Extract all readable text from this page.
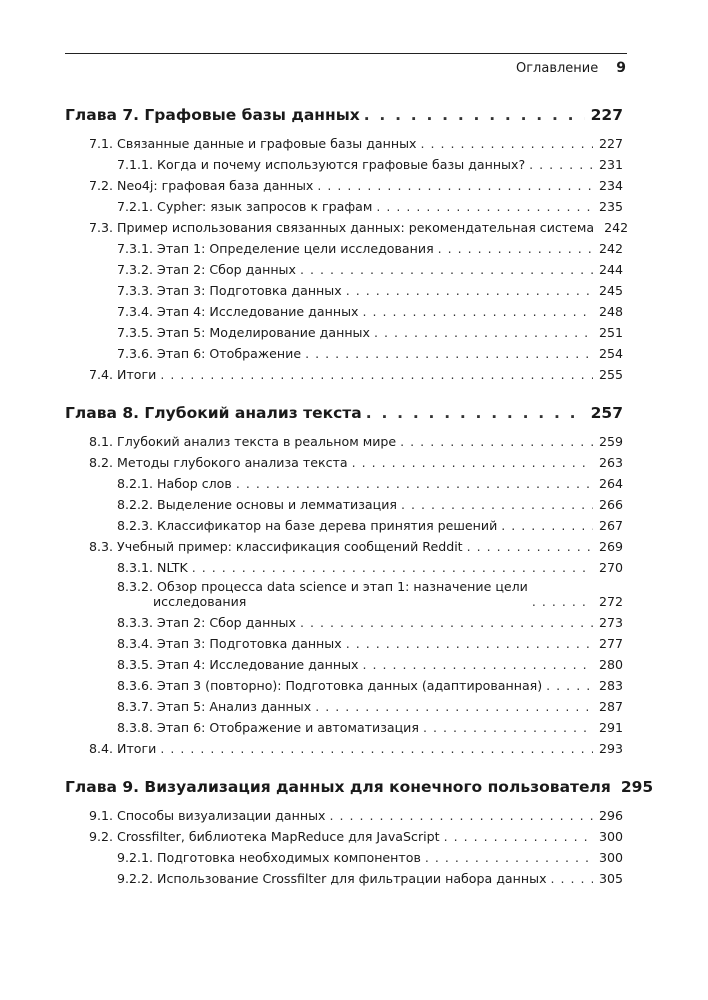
Оглавление 9
Глава 7. Графовые базы данных . . .	227
7.1. Связанные данные и графовые базы данных . . .	227
7.1.1. Когда и почему используются графовые базы данных? . . .	231
7.2. Neo4j: графовая база данных . . .	234
7.2.1. Cypher: язык запросов к графам . . .	235
7.3. Пример использования связанных данных: рекомендательная система 242
7.3.1. Этап 1: Определение цели исследования . . .	242
7.3.2. Этап 2: Сбор данных . . .	244
7.3.3. Этап 3: Подготовка данных . . .	245
7.3.4. Этап 4: Исследование данных . . .	248
7.3.5. Этап 5: Моделирование данных . . .	251
7.3.6. Этап 6: Отображение . . .	254
7.4. Итоги . . .	255
Глава 8. Глубокий анализ текста . . .	257
8.1. Глубокий анализ текста в реальном мире . . .	259
8.2. Методы глубокого анализа текста . . .	263
8.2.1. Набор слов . . .	264
8.2.2. Выделение основы и лемматизация . . .	266
8.2.3. Классификатор на базе дерева принятия решений . . .	267
8.3. Учебный пример: классификация сообщений Reddit . . .	269
8.3.1. NLTK . . .	270
8.3.2. Обзор процесса data science и этап 1: назначение цели
исследования . . .	272
8.3.3. Этап 2: Сбор данных . . .	273
8.3.4. Этап 3: Подготовка данных . . .	277
8.3.5. Этап 4: Исследование данных . . .	280
8.3.6. Этап 3 (повторно): Подготовка данных (адаптированная) . . .	283
8.3.7. Этап 5: Анализ данных . . .	287
8.3.8. Этап 6: Отображение и автоматизация . . .	291
8.4. Итоги . . .	293
Глава 9. Визуализация данных для конечного пользователя 295
9.1. Способы визуализации данных . . .	296
9.2. Crossfilter, библиотека MapReduce для JavaScript . . .	300
9.2.1. Подготовка необходимых компонентов . . .	300
9.2.2. Использование Crossfilter для фильтрации набора данных . . .	305
